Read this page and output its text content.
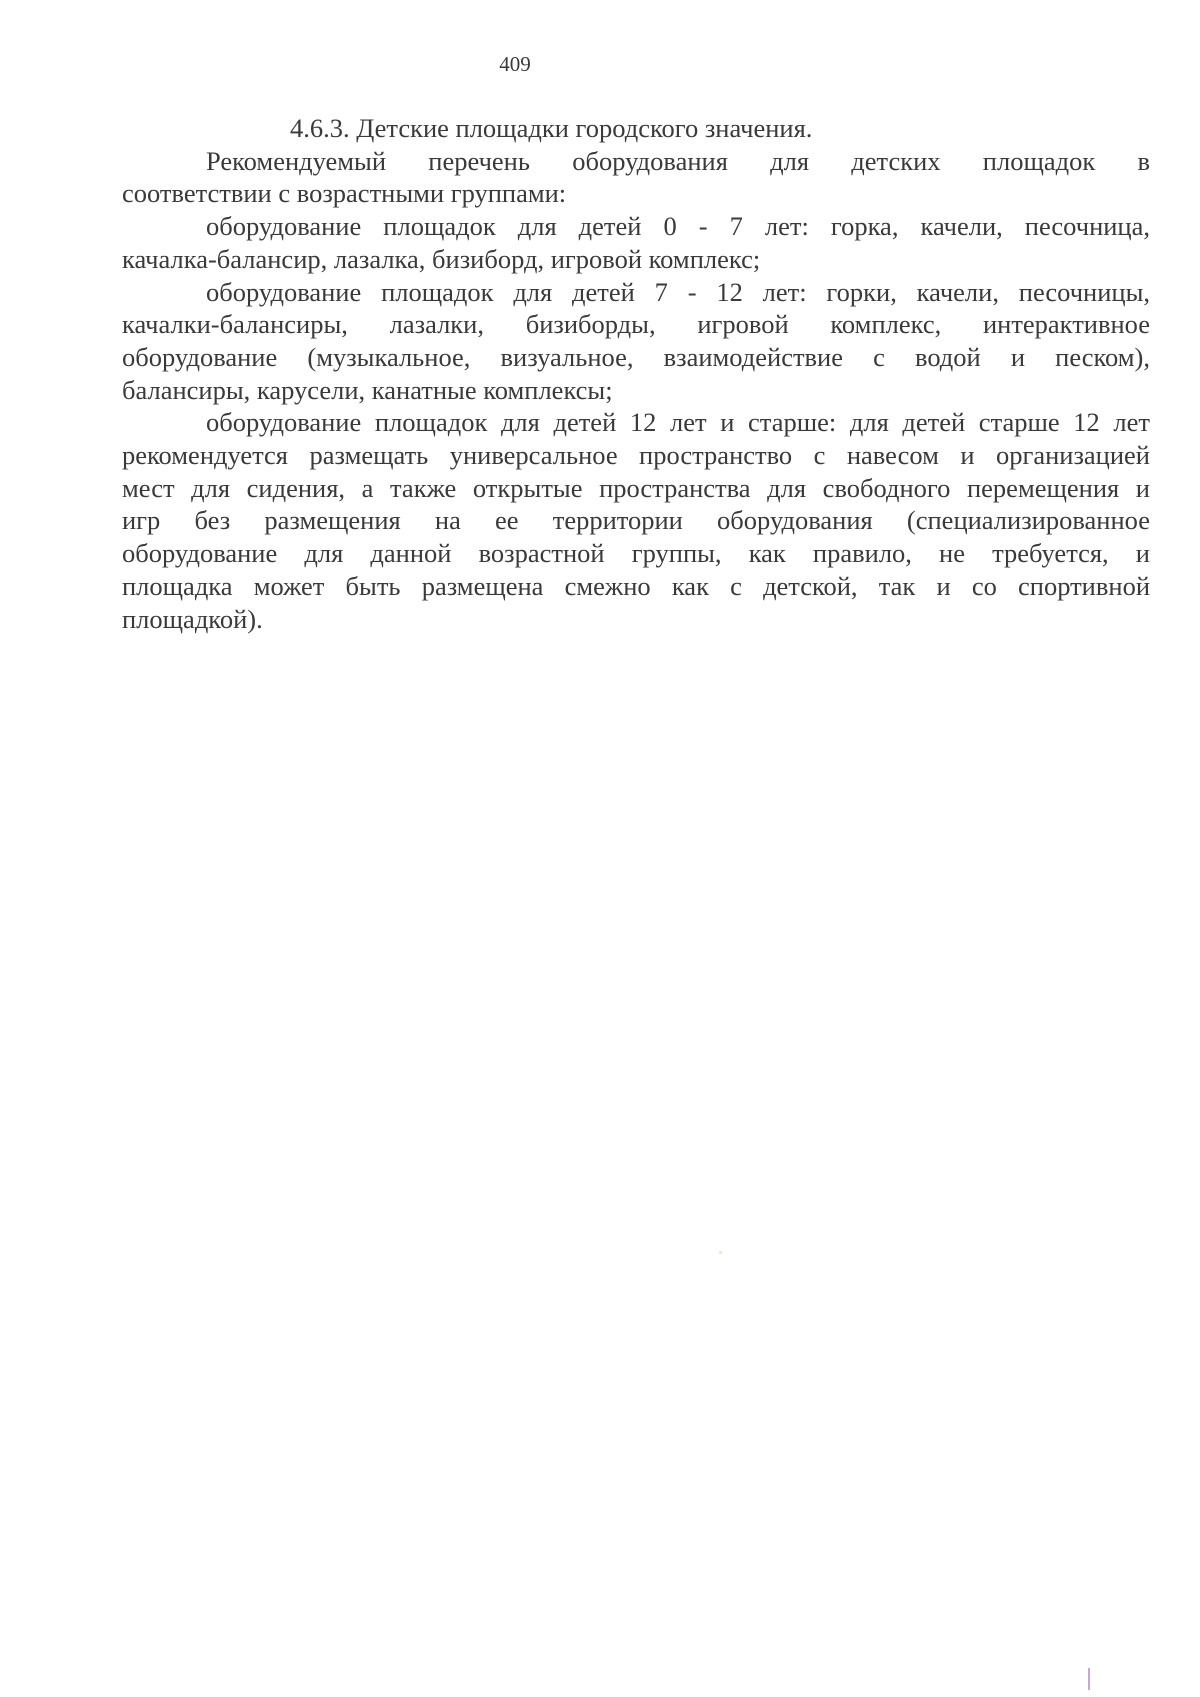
409

4.6.3. Детские площадки городского значения.

Рекомендуемый перечень оборудования для детских площадок в
соответствии с возрастными группами:

оборудование площадок для детей 0 - 7 лет: горка, качели, песочница,
качалка-балансир, лазалка, бизиборд, игровой комплекс;

оборудование площадок для детей 7 - 12 лет: горки, качели, песочницы,
качалки-балансиры, лазалки, бизиборды, игровой комплекс, интерактивное
оборудование (музыкальное, визуальное, взаимодействие с водой и песком),
балансиры, карусели, канатные комплексы;

оборудование площадок для детей 12 лет и старше: для детей старше 12 лет
рекомендуется размещать универсальное пространство с навесом и организацией
мест для сидения, а также открытые пространства для свободного перемещения и
игр без размещения на ее территории оборудования (специализированное
оборудование для данной возрастной группы, как правило, не требуется, и
площадка может быть размещена смежно как с детской, так и со спортивной
площадкой).
